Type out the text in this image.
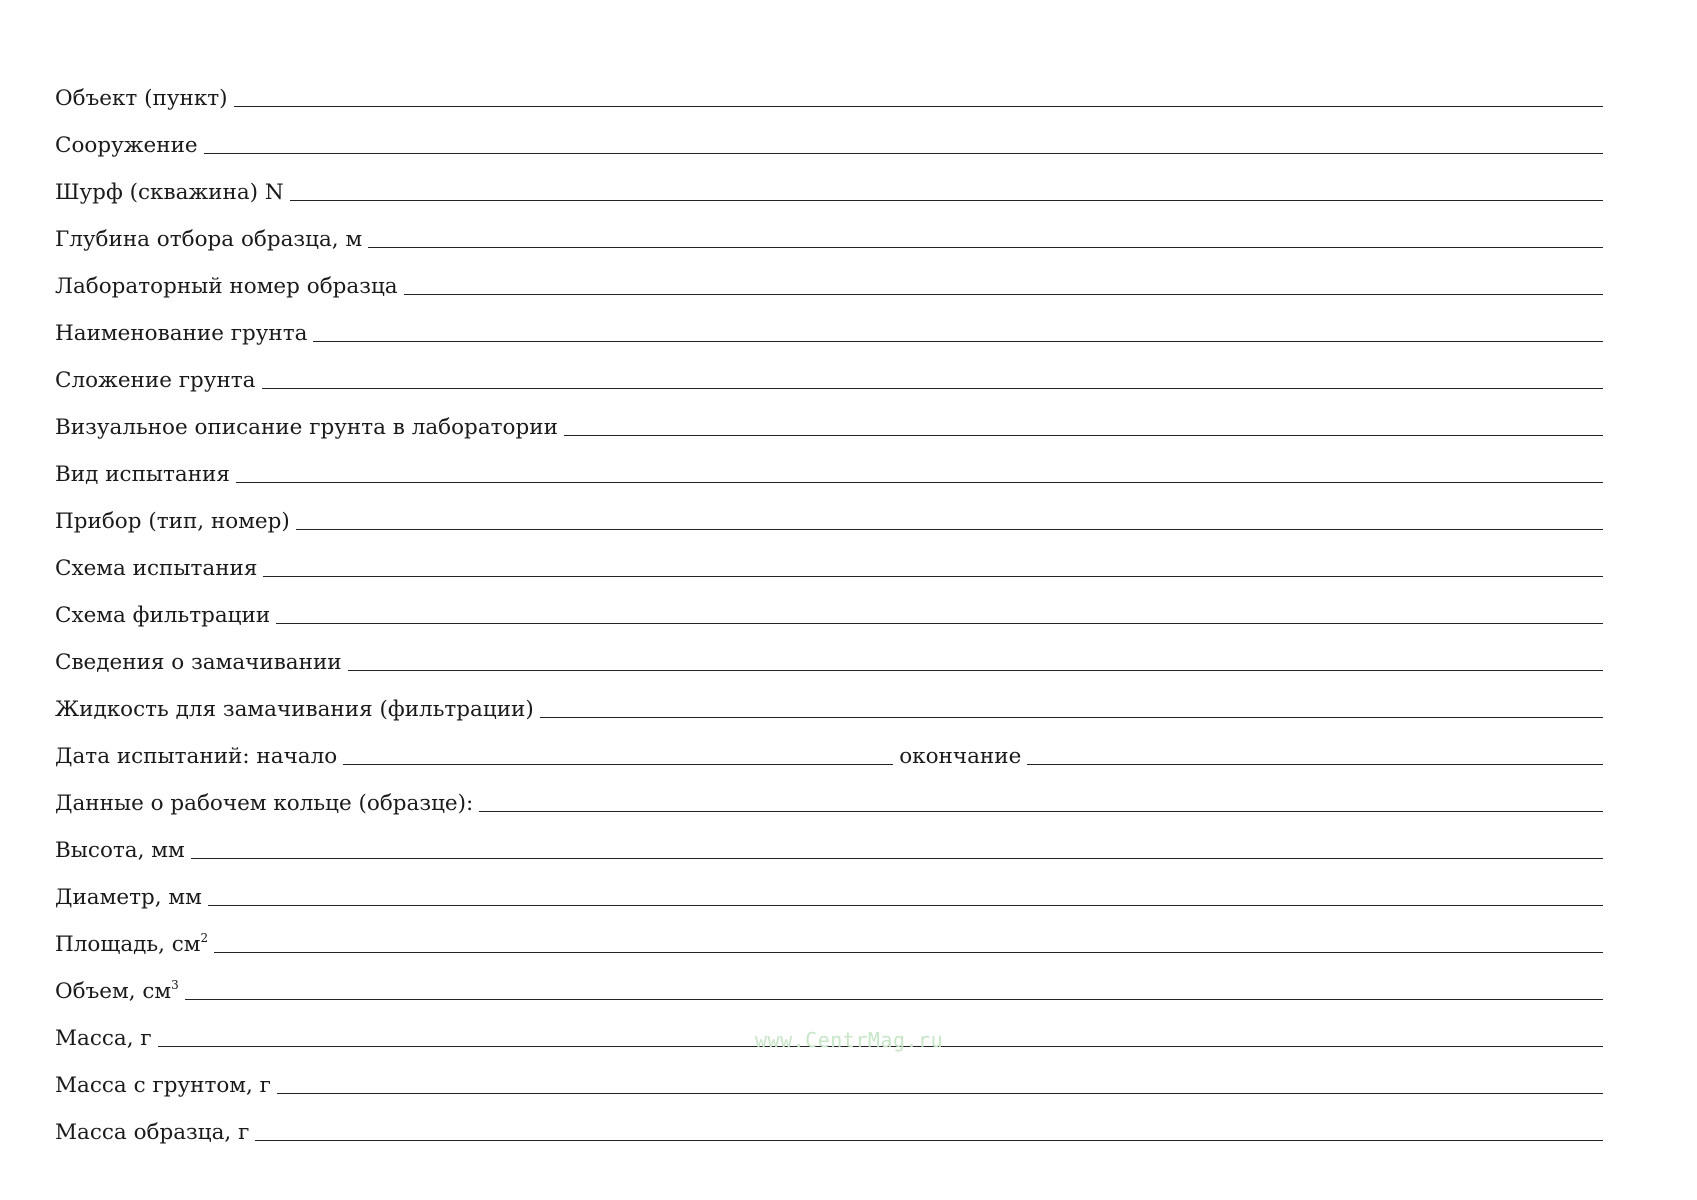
Объект (пункт)
Сооружение
Шурф (скважина) N
Глубина отбора образца, м
Лабораторный номер образца
Наименование грунта
Сложение грунта
Визуальное описание грунта в лаборатории
Вид испытания
Прибор (тип, номер)
Схема испытания
Схема фильтрации
Сведения о замачивании
Жидкость для замачивания (фильтрации)
Дата испытаний: начало	окончание
Данные о рабочем кольце (образце):
Высота, мм
Диаметр, мм
Площадь, $см^2$
Объем, $см^3$
Масса, г
Масса с грунтом, г
Масса образца, г
www.CentrMag.ru
